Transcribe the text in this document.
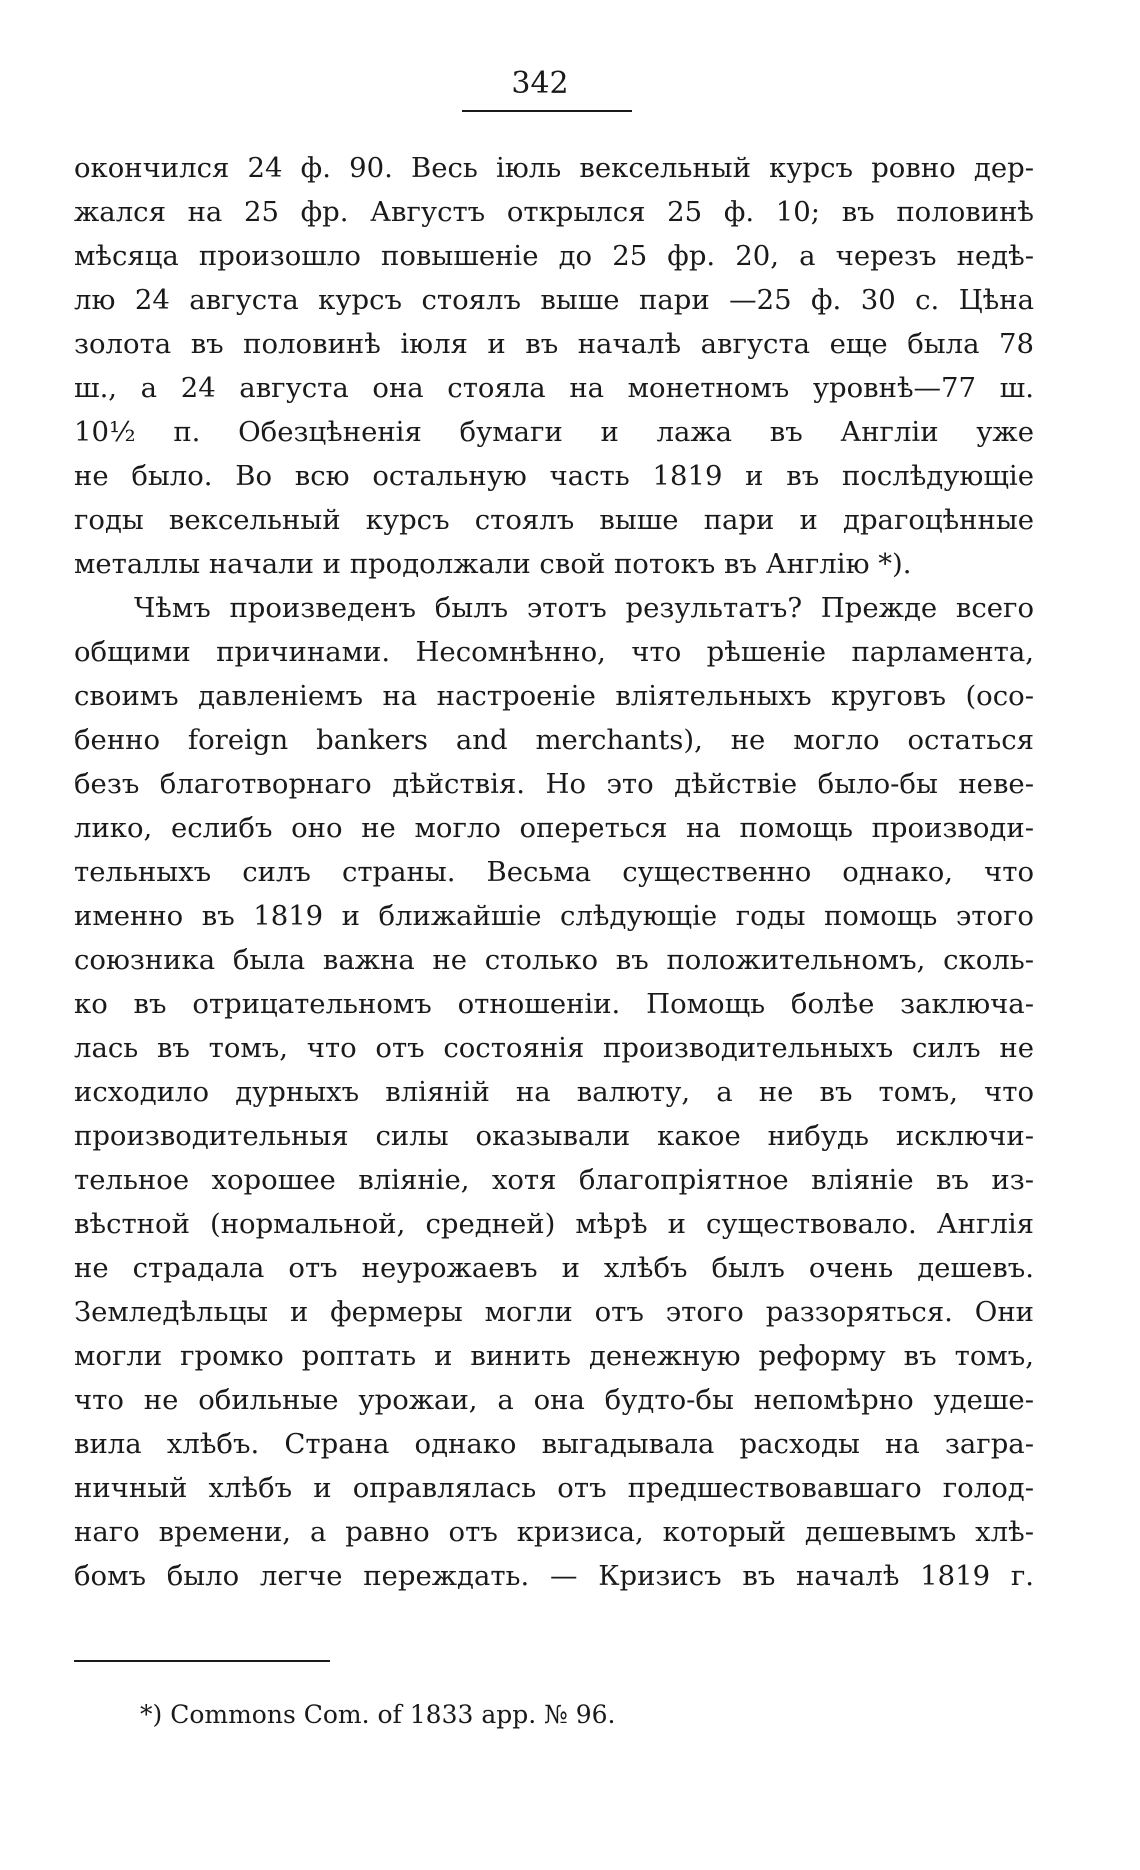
342
окончился 24 ф. 90. Весь іюль вексельный курсъ ровно дер-
жался на 25 фр. Августъ открылся 25 ф. 10; въ половинѣ
мѣсяца произошло повышеніе до 25 фр. 20, а черезъ недѣ-
лю 24 августа курсъ стоялъ выше пари —25 ф. 30 с. Цѣна
золота въ половинѣ іюля и въ началѣ августа еще была 78
ш., а 24 августа она стояла на монетномъ уровнѣ—77 ш.
10½ п. Обезцѣненія бумаги и лажа въ Англіи уже
не было. Во всю остальную часть 1819 и въ послѣдующіе
годы вексельный курсъ стоялъ выше пари и драгоцѣнные
металлы начали и продолжали свой потокъ въ Англію *).
Чѣмъ произведенъ былъ этотъ результатъ? Прежде всего
общими причинами. Несомнѣнно, что рѣшеніе парламента,
своимъ давленіемъ на настроеніе вліятельныхъ круговъ (осо-
бенно foreign bankers and merchants), не могло остаться
безъ благотворнаго дѣйствія. Но это дѣйствіе было-бы неве-
лико, еслибъ оно не могло опереться на помощь производи-
тельныхъ силъ страны. Весьма существенно однако, что
именно въ 1819 и ближайшіе слѣдующіе годы помощь этого
союзника была важна не столько въ положительномъ, сколь-
ко въ отрицательномъ отношеніи. Помощь болѣе заключа-
лась въ томъ, что отъ состоянія производительныхъ силъ не
исходило дурныхъ вліяній на валюту, а не въ томъ, что
производительныя силы оказывали какое нибудь исключи-
тельное хорошее вліяніе, хотя благопріятное вліяніе въ из-
вѣстной (нормальной, средней) мѣрѣ и существовало. Англія
не страдала отъ неурожаевъ и хлѣбъ былъ очень дешевъ.
Земледѣльцы и фермеры могли отъ этого раззоряться. Они
могли громко роптать и винить денежную реформу въ томъ,
что не обильные урожаи, а она будто-бы непомѣрно удеше-
вила хлѣбъ. Страна однако выгадывала расходы на загра-
ничный хлѣбъ и оправлялась отъ предшествовавшаго голод-
наго времени, а равно отъ кризиса, который дешевымъ хлѣ-
бомъ было легче переждать. — Кризисъ въ началѣ 1819 г.
*) Commons Com. of 1833 app. № 96.
